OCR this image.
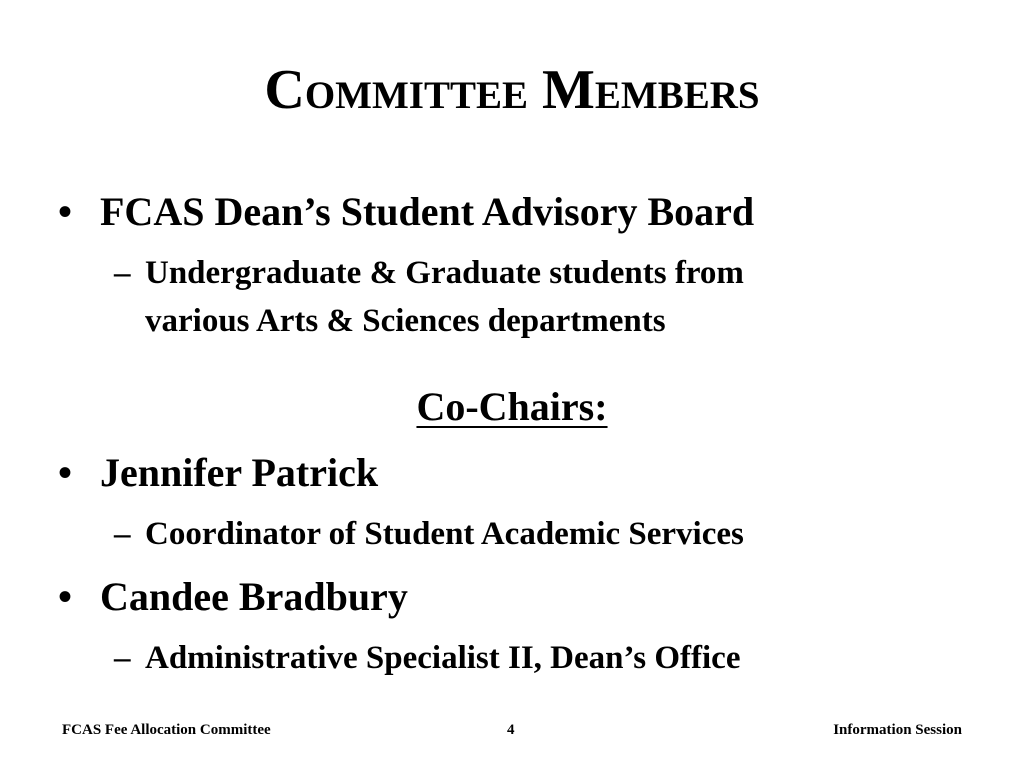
Committee Members
• FCAS Dean’s Student Advisory Board
– Undergraduate & Graduate students from
various Arts & Sciences departments
Co-Chairs:
• Jennifer Patrick
– Coordinator of Student Academic Services
• Candee Bradbury
– Administrative Specialist II, Dean’s Office
FCAS Fee Allocation Committee	4	Information Session
